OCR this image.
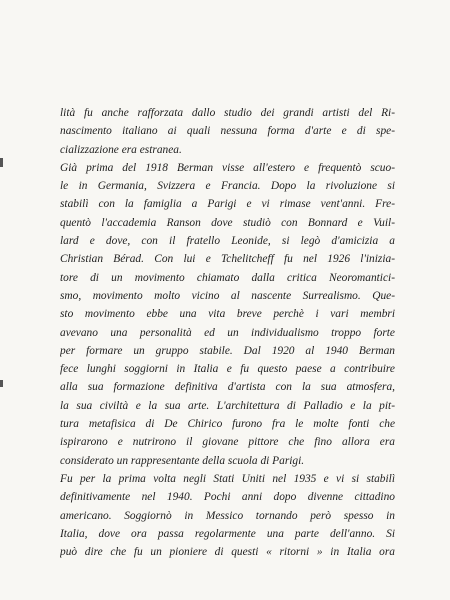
lità fu anche rafforzata dallo studio dei grandi artisti del Ri-
nascimento italiano ai quali nessuna forma d'arte e di spe-
cializzazione era estranea.
Già prima del 1918 Berman visse all'estero e frequentò scuo-
le in Germania, Svizzera e Francia. Dopo la rivoluzione si
stabilì con la famiglia a Parigi e vi rimase vent'anni. Fre-
quentò l'accademia Ranson dove studiò con Bonnard e Vuil-
lard e dove, con il fratello Leonide, si legò d'amicizia a
Christian Bérad. Con lui e Tchelitcheff fu nel 1926 l'inizia-
tore di un movimento chiamato dalla critica Neoromantici-
smo, movimento molto vicino al nascente Surrealismo. Que-
sto movimento ebbe una vita breve perchè i vari membri
avevano una personalità ed un individualismo troppo forte
per formare un gruppo stabile. Dal 1920 al 1940 Berman
fece lunghi soggiorni in Italia e fu questo paese a contribuire
alla sua formazione definitiva d'artista con la sua atmosfera,
la sua civiltà e la sua arte. L'architettura di Palladio e la pit-
tura metafisica di De Chirico furono fra le molte fonti che
ispirarono e nutrirono il giovane pittore che fino allora era
considerato un rappresentante della scuola di Parigi.
Fu per la prima volta negli Stati Uniti nel 1935 e vi si stabilì
definitivamente nel 1940. Pochi anni dopo divenne cittadino
americano. Soggiornò in Messico tornando però spesso in
Italia, dove ora passa regolarmente una parte dell'anno. Si
può dire che fu un pioniere di questi « ritorni » in Italia ora
